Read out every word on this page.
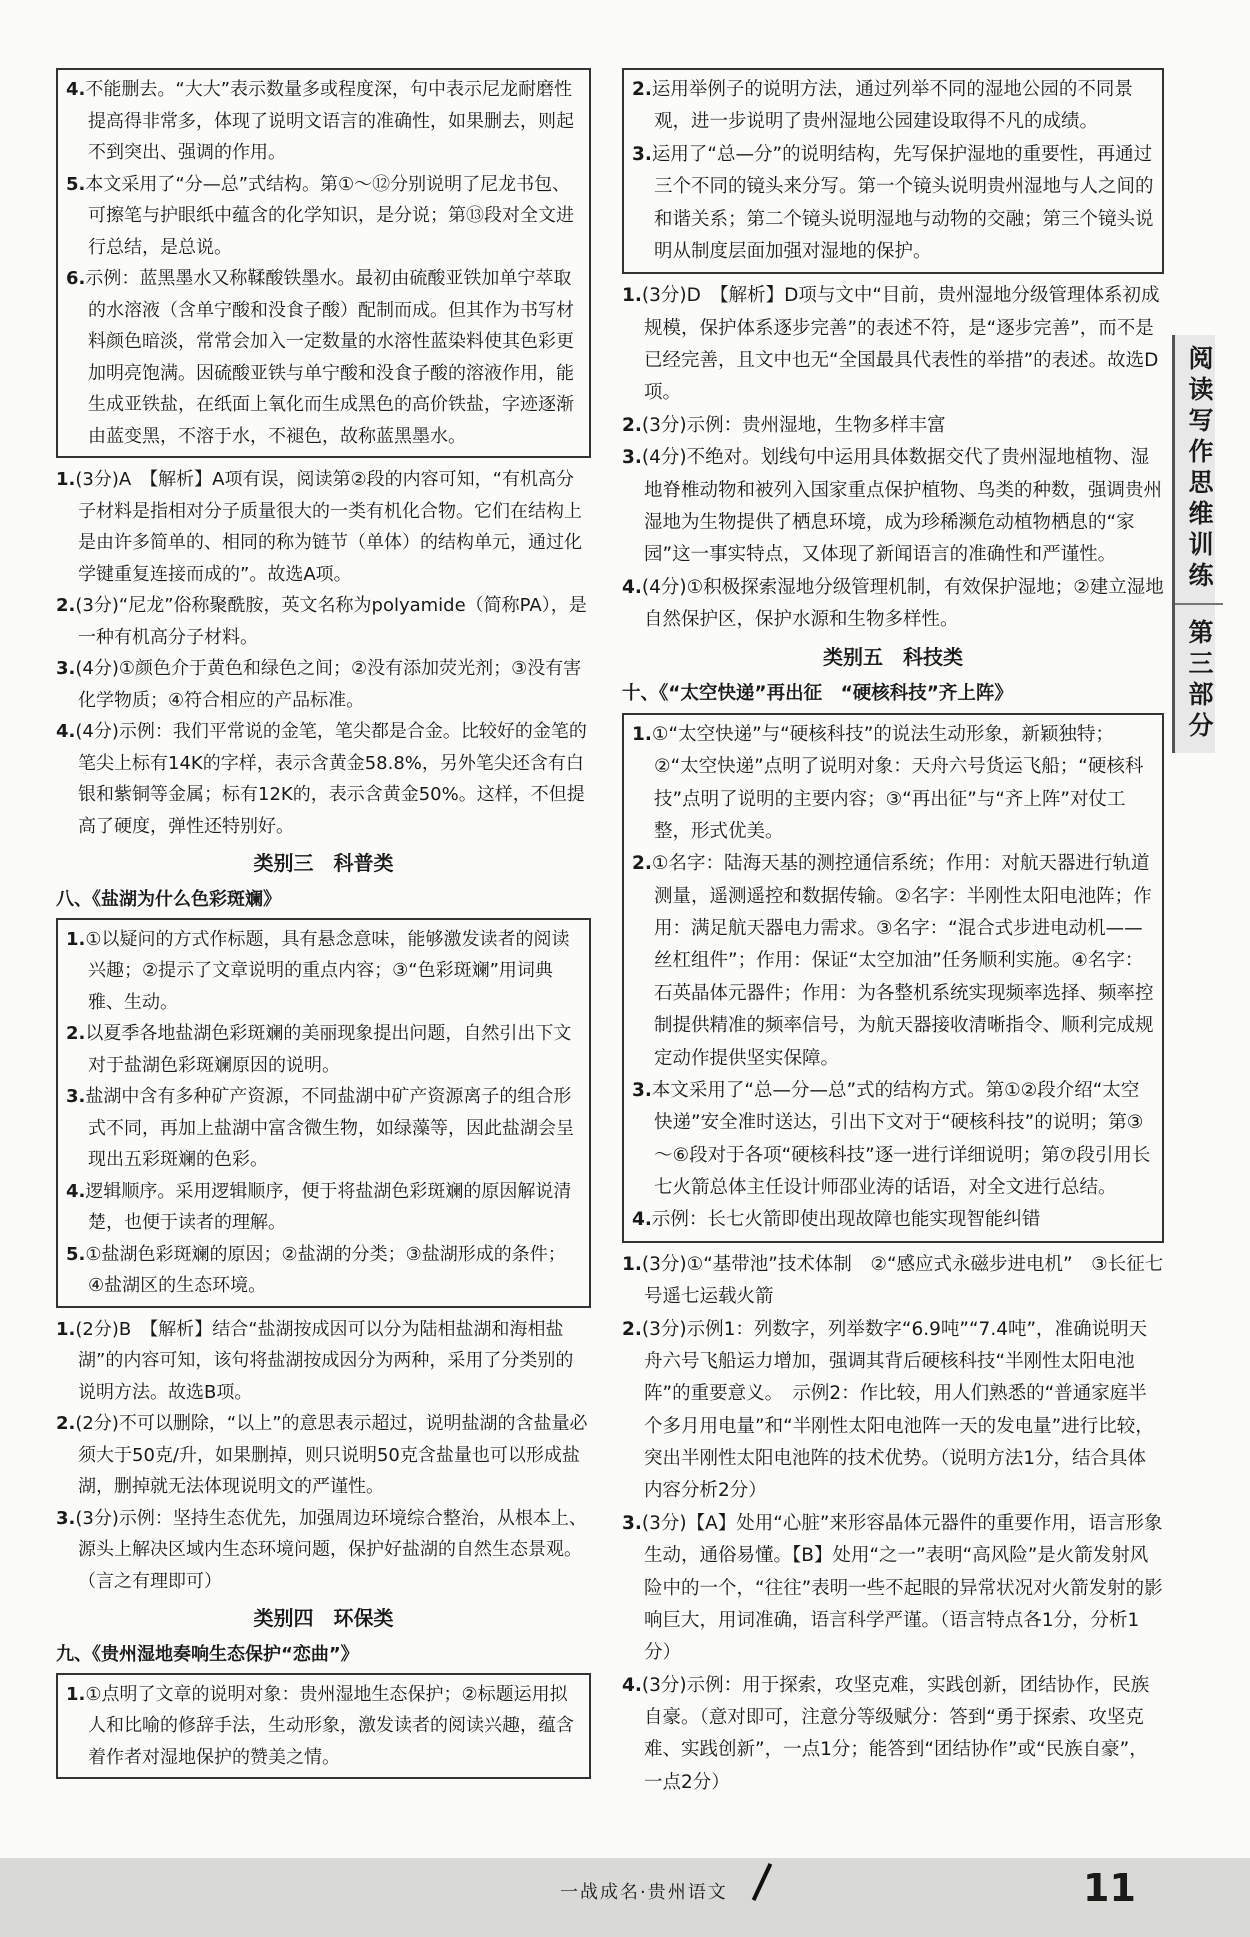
4.不能删去。“大大”表示数量多或程度深，句中表示尼龙耐磨性提高得非常多，体现了说明文语言的准确性，如果删去，则起不到突出、强调的作用。

5.本文采用了“分—总”式结构。第①～⑫分别说明了尼龙书包、可擦笔与护眼纸中蕴含的化学知识，是分说；第⑬段对全文进行总结，是总说。

6.示例：蓝黑墨水又称鞣酸铁墨水。最初由硫酸亚铁加单宁萃取的水溶液（含单宁酸和没食子酸）配制而成。但其作为书写材料颜色暗淡，常常会加入一定数量的水溶性蓝染料使其色彩更加明亮饱满。因硫酸亚铁与单宁酸和没食子酸的溶液作用，能生成亚铁盐，在纸面上氧化而生成黑色的高价铁盐，字迹逐渐由蓝变黑，不溶于水，不褪色，故称蓝黑墨水。

1.(3分)A　【解析】A项有误，阅读第②段的内容可知，“有机高分子材料是指相对分子质量很大的一类有机化合物。它们在结构上是由许多简单的、相同的称为链节（单体）的结构单元，通过化学键重复连接而成的”。故选A项。

2.(3分)“尼龙”俗称聚酰胺，英文名称为polyamide（简称PA），是一种有机高分子材料。

3.(4分)①颜色介于黄色和绿色之间；②没有添加荧光剂；③没有害化学物质；④符合相应的产品标准。

4.(4分)示例：我们平常说的金笔，笔尖都是合金。比较好的金笔的笔尖上标有14K的字样，表示含黄金58.8%，另外笔尖还含有白银和紫铜等金属；标有12K的，表示含黄金50%。这样，不但提高了硬度，弹性还特别好。

类别三　科普类
八、《盐湖为什么色彩斑斓》

1.①以疑问的方式作标题，具有悬念意味，能够激发读者的阅读兴趣；②提示了文章说明的重点内容；③“色彩斑斓”用词典雅、生动。

2.以夏季各地盐湖色彩斑斓的美丽现象提出问题，自然引出下文对于盐湖色彩斑斓原因的说明。

3.盐湖中含有多种矿产资源，不同盐湖中矿产资源离子的组合形式不同，再加上盐湖中富含微生物，如绿藻等，因此盐湖会呈现出五彩斑斓的色彩。

4.逻辑顺序。采用逻辑顺序，便于将盐湖色彩斑斓的原因解说清楚，也便于读者的理解。

5.①盐湖色彩斑斓的原因；②盐湖的分类；③盐湖形成的条件；④盐湖区的生态环境。

1.(2分)B　【解析】结合“盐湖按成因可以分为陆相盐湖和海相盐湖”的内容可知，该句将盐湖按成因分为两种，采用了分类别的说明方法。故选B项。

2.(2分)不可以删除，“以上”的意思表示超过，说明盐湖的含盐量必须大于50克/升，如果删掉，则只说明50克含盐量也可以形成盐湖，删掉就无法体现说明文的严谨性。

3.(3分)示例：坚持生态优先，加强周边环境综合整治，从根本上、源头上解决区域内生态环境问题，保护好盐湖的自然生态景观。（言之有理即可）

类别四　环保类
九、《贵州湿地奏响生态保护“恋曲”》

1.①点明了文章的说明对象：贵州湿地生态保护；②标题运用拟人和比喻的修辞手法，生动形象，激发读者的阅读兴趣，蕴含着作者对湿地保护的赞美之情。

2.运用举例子的说明方法，通过列举不同的湿地公园的不同景观，进一步说明了贵州湿地公园建设取得不凡的成绩。

3.运用了“总—分”的说明结构，先写保护湿地的重要性，再通过三个不同的镜头来分写。第一个镜头说明贵州湿地与人之间的和谐关系；第二个镜头说明湿地与动物的交融；第三个镜头说明从制度层面加强对湿地的保护。

1.(3分)D　【解析】D项与文中“目前，贵州湿地分级管理体系初成规模，保护体系逐步完善”的表述不符，是“逐步完善”，而不是已经完善，且文中也无“全国最具代表性的举措”的表述。故选D项。

2.(3分)示例：贵州湿地，生物多样丰富

3.(4分)不绝对。划线句中运用具体数据交代了贵州湿地植物、湿地脊椎动物和被列入国家重点保护植物、鸟类的种数，强调贵州湿地为生物提供了栖息环境，成为珍稀濒危动植物栖息的“家园”这一事实特点，又体现了新闻语言的准确性和严谨性。

4.(4分)①积极探索湿地分级管理机制，有效保护湿地；②建立湿地自然保护区，保护水源和生物多样性。

类别五　科技类
十、《“太空快递”再出征　“硬核科技”齐上阵》

1.①“太空快递”与“硬核科技”的说法生动形象，新颖独特；②“太空快递”点明了说明对象：天舟六号货运飞船；“硬核科技”点明了说明的主要内容；③“再出征”与“齐上阵”对仗工整，形式优美。

2.①名字：陆海天基的测控通信系统；作用：对航天器进行轨道测量，遥测遥控和数据传输。②名字：半刚性太阳电池阵；作用：满足航天器电力需求。③名字：“混合式步进电动机——丝杠组件”；作用：保证“太空加油”任务顺利实施。④名字：石英晶体元器件；作用：为各整机系统实现频率选择、频率控制提供精准的频率信号，为航天器接收清晰指令、顺利完成规定动作提供坚实保障。

3.本文采用了“总—分—总”式的结构方式。第①②段介绍“太空快递”安全准时送达，引出下文对于“硬核科技”的说明；第③～⑥段对于各项“硬核科技”逐一进行详细说明；第⑦段引用长七火箭总体主任设计师邵业涛的话语，对全文进行总结。

4.示例：长七火箭即使出现故障也能实现智能纠错

1.(3分)①“基带池”技术体制　②“感应式永磁步进电机”　③长征七号遥七运载火箭

2.(3分)示例1：列数字，列举数字“6.9吨”“7.4吨”，准确说明天舟六号飞船运力增加，强调其背后硬核科技“半刚性太阳电池阵”的重要意义。　示例2：作比较，用人们熟悉的“普通家庭半个多月用电量”和“半刚性太阳电池阵一天的发电量”进行比较，突出半刚性太阳电池阵的技术优势。（说明方法1分，结合具体内容分析2分）

3.(3分)【A】处用“心脏”来形容晶体元器件的重要作用，语言形象生动，通俗易懂。【B】处用“之一”表明“高风险”是火箭发射风险中的一个，“往往”表明一些不起眼的异常状况对火箭发射的影响巨大，用词准确，语言科学严谨。（语言特点各1分，分析1分）

4.(3分)示例：用于探索，攻坚克难，实践创新，团结协作，民族自豪。（意对即可，注意分等级赋分：答到“勇于探索、攻坚克难、实践创新”，一点1分；能答到“团结协作”或“民族自豪”，一点2分）

阅读写作思维训练
第三部分
一战成名·贵州语文	11
